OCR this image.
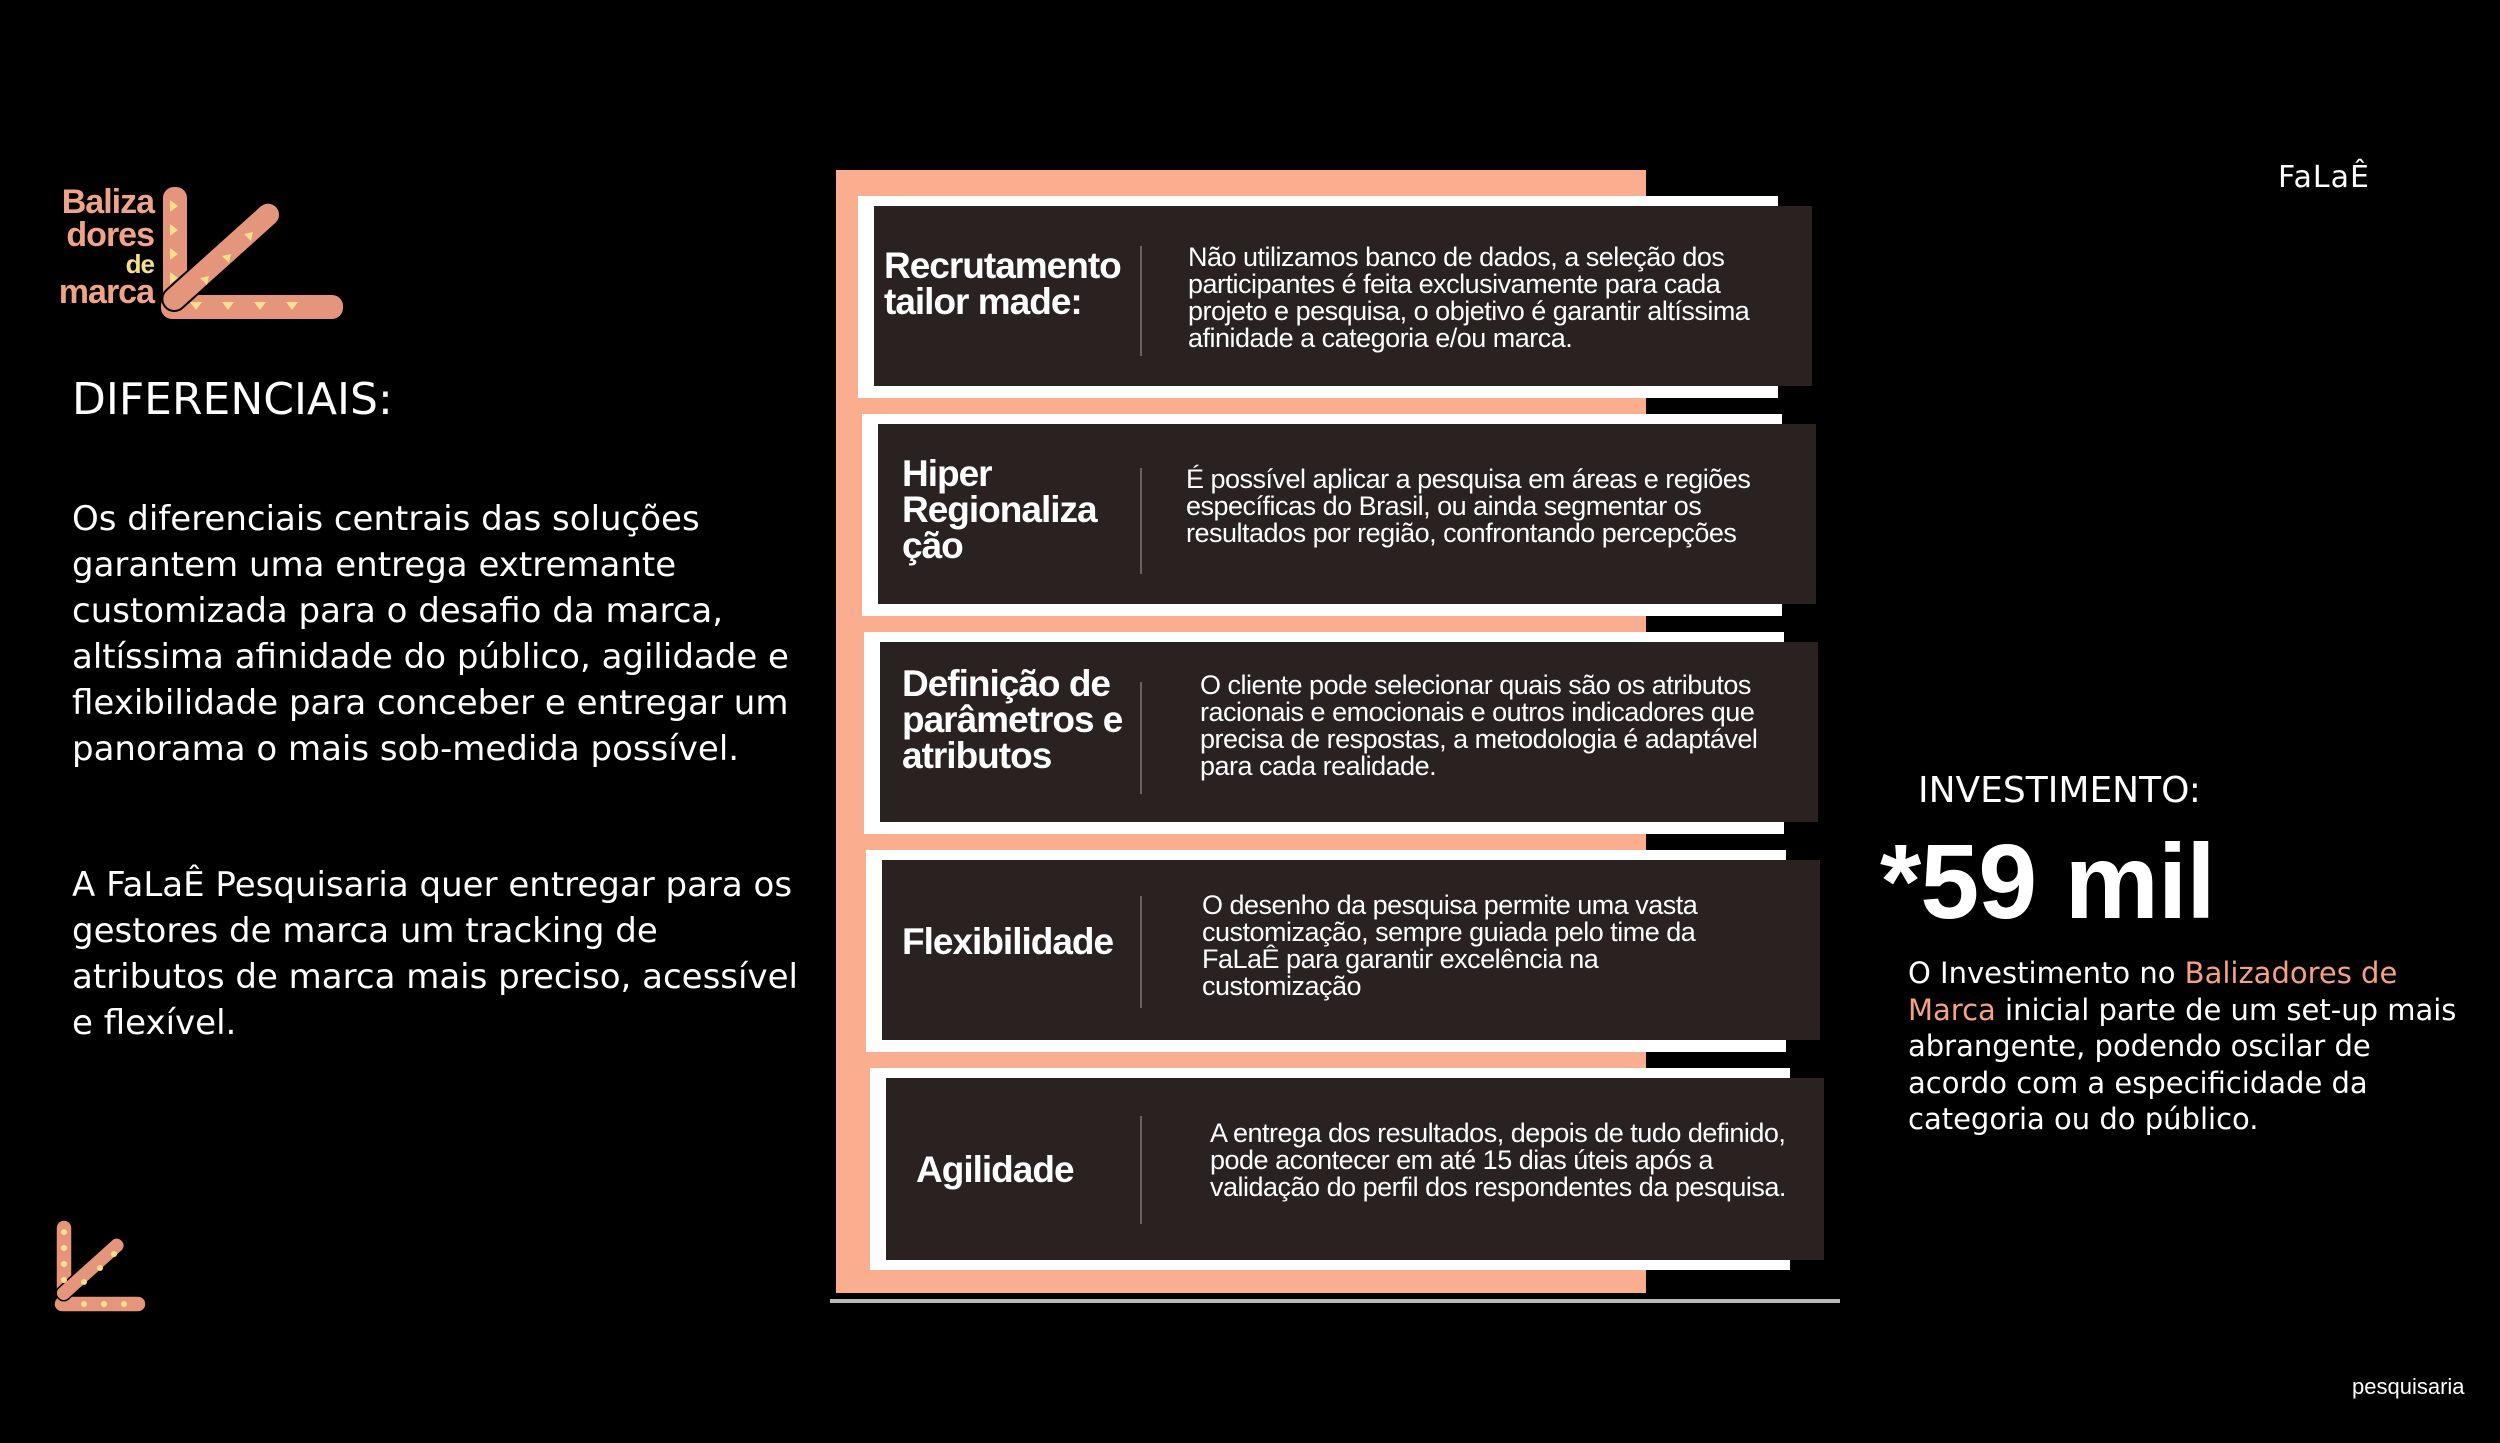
Baliza
dores
de
marca
FaLaÊ
DIFERENCIAIS:
Os diferenciais centrais das soluções garantem uma entrega extremante customizada para o desafio da marca, altíssima afinidade do público, agilidade e flexibilidade para conceber e entregar um panorama o mais sob-medida possível.
A FaLaÊ Pesquisaria quer entregar para os gestores de marca um tracking de atributos de marca mais preciso, acessível e flexível.
Recrutamento tailor made:
Não utilizamos banco de dados, a seleção dos participantes é feita exclusivamente para cada projeto e pesquisa, o objetivo é garantir altíssima afinidade a categoria e/ou marca.
Hiper Regionaliza ção
É possível aplicar a pesquisa em áreas e regiões específicas do Brasil, ou ainda segmentar os resultados por região, confrontando percepções
Definição de parâmetros e atributos
O cliente pode selecionar quais são os atributos racionais e emocionais e outros indicadores que precisa de respostas, a metodologia é adaptável para cada realidade.
Flexibilidade
O desenho da pesquisa permite uma vasta customização, sempre guiada pelo time da FaLaÊ para garantir excelência na customização
Agilidade
A entrega dos resultados, depois de tudo definido, pode acontecer em até 15 dias úteis após a validação do perfil dos respondentes da pesquisa.
INVESTIMENTO:
*59 mil
O Investimento no Balizadores de Marca inicial parte de um set-up mais abrangente, podendo oscilar de acordo com a especificidade da categoria ou do público.
pesquisaria
